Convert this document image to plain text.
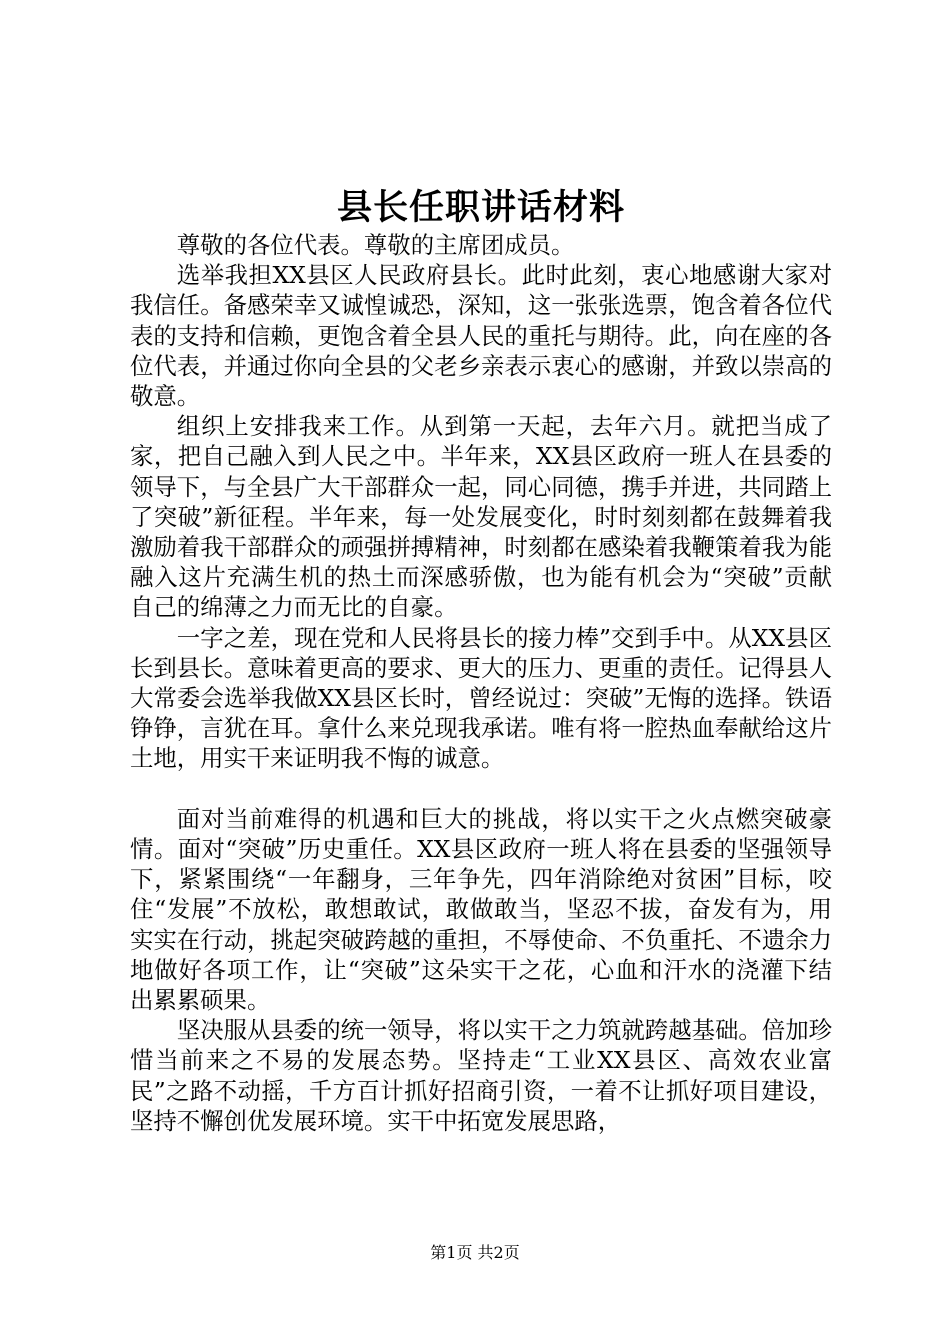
县长任职讲话材料

尊敬的各位代表。尊敬的主席团成员。

选举我担XX县区人民政府县长。此时此刻，衷心地感谢大家对我信任。备感荣幸又诚惶诚恐，深知，这一张张选票，饱含着各位代表的支持和信赖，更饱含着全县人民的重托与期待。此，向在座的各位代表，并通过你向全县的父老乡亲表示衷心的感谢，并致以崇高的敬意。

组织上安排我来工作。从到第一天起，去年六月。就把当成了家，把自己融入到人民之中。半年来，XX县区政府一班人在县委的领导下，与全县广大干部群众一起，同心同德，携手并进，共同踏上了突破”新征程。半年来，每一处发展变化，时时刻刻都在鼓舞着我激励着我干部群众的顽强拼搏精神，时刻都在感染着我鞭策着我为能融入这片充满生机的热土而深感骄傲，也为能有机会为“突破”贡献自己的绵薄之力而无比的自豪。

一字之差，现在党和人民将县长的接力棒”交到手中。从XX县区长到县长。意味着更高的要求、更大的压力、更重的责任。记得县人大常委会选举我做XX县区长时，曾经说过：突破”无悔的选择。铁语铮铮，言犹在耳。拿什么来兑现我承诺。唯有将一腔热血奉献给这片土地，用实干来证明我不悔的诚意。

面对当前难得的机遇和巨大的挑战，将以实干之火点燃突破豪情。面对“突破”历史重任。XX县区政府一班人将在县委的坚强领导下，紧紧围绕“一年翻身，三年争先，四年消除绝对贫困”目标，咬住“发展”不放松，敢想敢试，敢做敢当，坚忍不拔，奋发有为，用实实在行动，挑起突破跨越的重担，不辱使命、不负重托、不遗余力地做好各项工作，让“突破”这朵实干之花，心血和汗水的浇灌下结出累累硕果。

坚决服从县委的统一领导，将以实干之力筑就跨越基础。倍加珍惜当前来之不易的发展态势。坚持走“工业XX县区、高效农业富民”之路不动摇，千方百计抓好招商引资，一着不让抓好项目建设，坚持不懈创优发展环境。实干中拓宽发展思路，

第1页 共2页
